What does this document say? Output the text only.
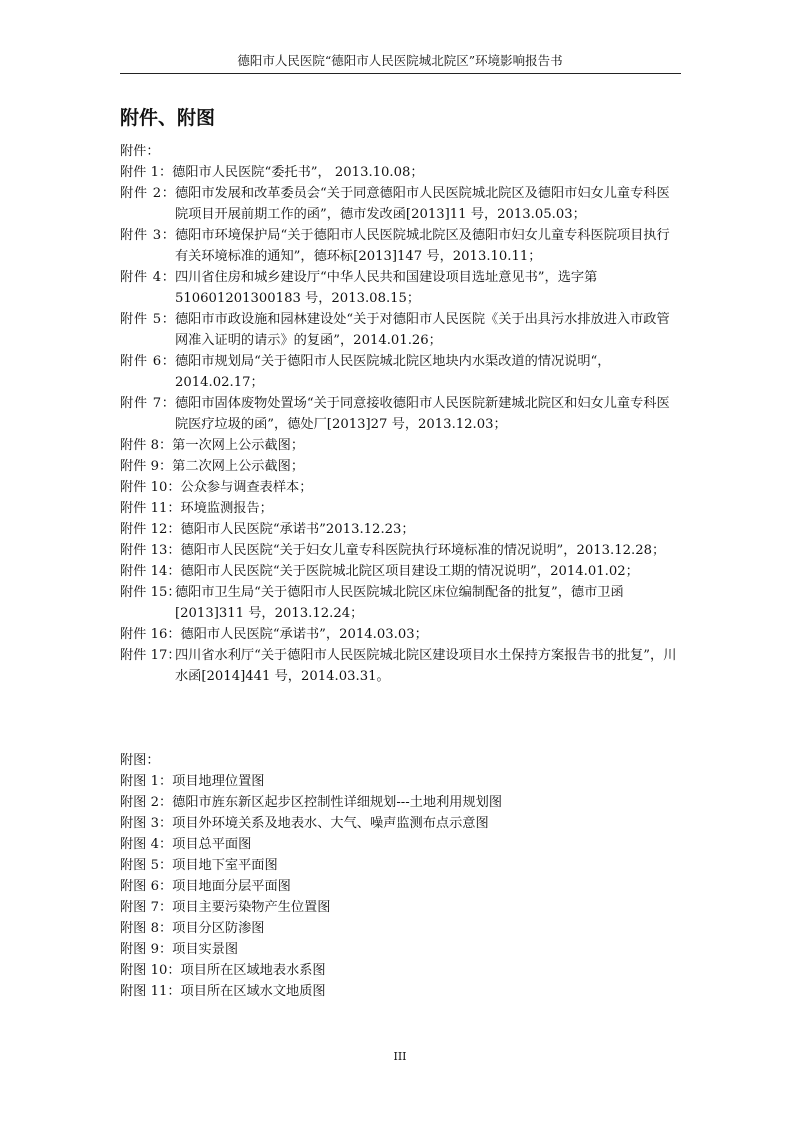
德阳市人民医院“德阳市人民医院城北院区”环境影响报告书
附件、附图
附件：
附件 1： 德阳市人民医院“委托书”， 2013.10.08；
附件 2： 德阳市发展和改革委员会“关于同意德阳市人民医院城北院区及德阳市妇女儿童专科医院项目开展前期工作的函”，德市发改函[2013]11 号，2013.05.03；
附件 3： 德阳市环境保护局“关于德阳市人民医院城北院区及德阳市妇女儿童专科医院项目执行有关环境标准的通知”，德环标[2013]147 号，2013.10.11；
附件 4： 四川省住房和城乡建设厅“中华人民共和国建设项目选址意见书”，选字第 510601201300183 号，2013.08.15；
附件 5： 德阳市市政设施和园林建设处“关于对德阳市人民医院《关于出具污水排放进入市政管网准入证明的请示》的复函”，2014.01.26；
附件 6： 德阳市规划局“关于德阳市人民医院城北院区地块内水渠改道的情况说明“，2014.02.17；
附件 7： 德阳市固体废物处置场“关于同意接收德阳市人民医院新建城北院区和妇女儿童专科医院医疗垃圾的函”，德处厂[2013]27 号，2013.12.03；
附件 8： 第一次网上公示截图；
附件 9： 第二次网上公示截图；
附件 10： 公众参与调查表样本；
附件 11： 环境监测报告；
附件 12： 德阳市人民医院“承诺书”2013.12.23；
附件 13： 德阳市人民医院“关于妇女儿童专科医院执行环境标准的情况说明”，2013.12.28；
附件 14： 德阳市人民医院“关于医院城北院区项目建设工期的情况说明”，2014.01.02；
附件 15：
德阳市卫生局“关于德阳市人民医院城北院区床位编制配备的批复”，德市卫函[2013]311 号，2013.12.24；
附件 16： 德阳市人民医院“承诺书”，2014.03.03；
附件 17：
四川省水利厅“关于德阳市人民医院城北院区建设项目水土保持方案报告书的批复”，川水函[2014]441 号，2014.03.31。
附图：
附图 1： 项目地理位置图
附图 2： 德阳市旌东新区起步区控制性详细规划---土地利用规划图
附图 3： 项目外环境关系及地表水、大气、噪声监测布点示意图
附图 4： 项目总平面图
附图 5： 项目地下室平面图
附图 6： 项目地面分层平面图
附图 7： 项目主要污染物产生位置图
附图 8： 项目分区防渗图
附图 9： 项目实景图
附图 10： 项目所在区域地表水系图
附图 11： 项目所在区域水文地质图
III
